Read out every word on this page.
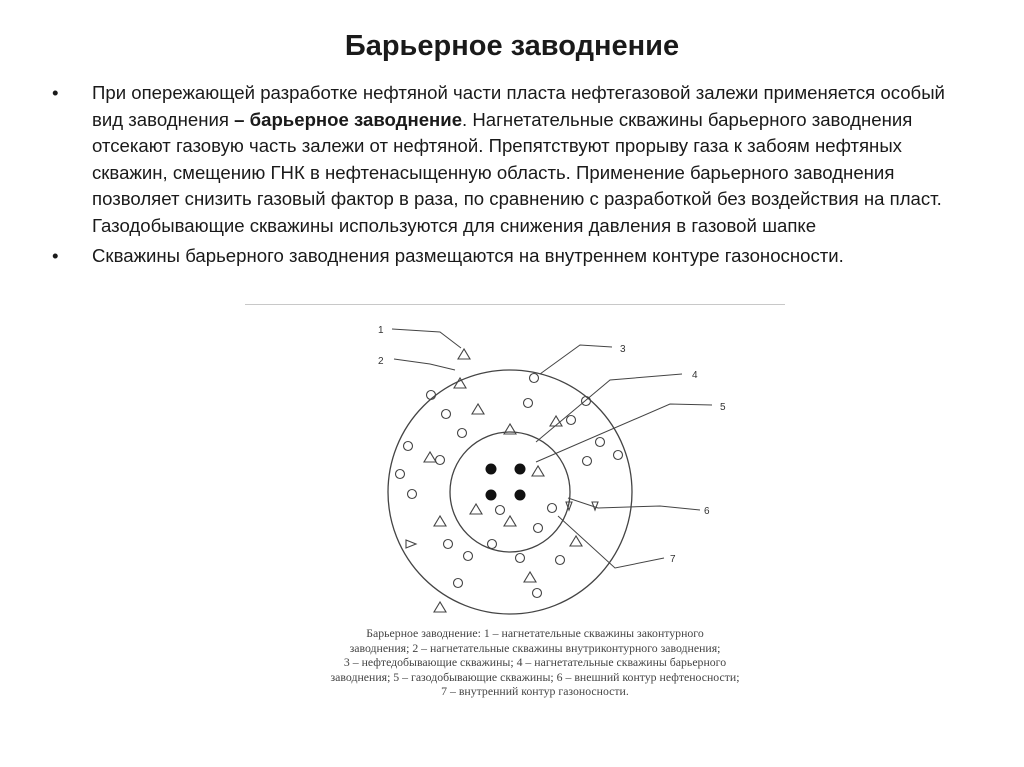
Барьерное заводнение
• При опережающей разработке нефтяной части пласта нефтегазовой залежи применяется особый вид заводнения – барьерное заводнение. Нагнетательные скважины барьерного заводнения отсекают газовую часть залежи от нефтяной. Препятствуют прорыву газа к забоям нефтяных скважин, смещению ГНК в нефтенасыщенную область. Применение барьерного заводнения позволяет снизить газовый фактор в раза, по сравнению с разработкой без воздействия на пласт. Газодобывающие скважины используются для снижения давления в газовой шапке
• Скважины барьерного заводнения размещаются на внутреннем контуре газоносности.
1
2
3
4
5
6
7
Барьерное заводнение: 1 – нагнетательные скважины законтурного
заводнения; 2 – нагнетательные скважины внутриконтурного заводнения;
3 – нефтедобывающие скважины; 4 – нагнетательные скважины барьерного
заводнения; 5 – газодобывающие скважины; 6 – внешний контур нефтеносности;
7 – внутренний контур газоносности.
